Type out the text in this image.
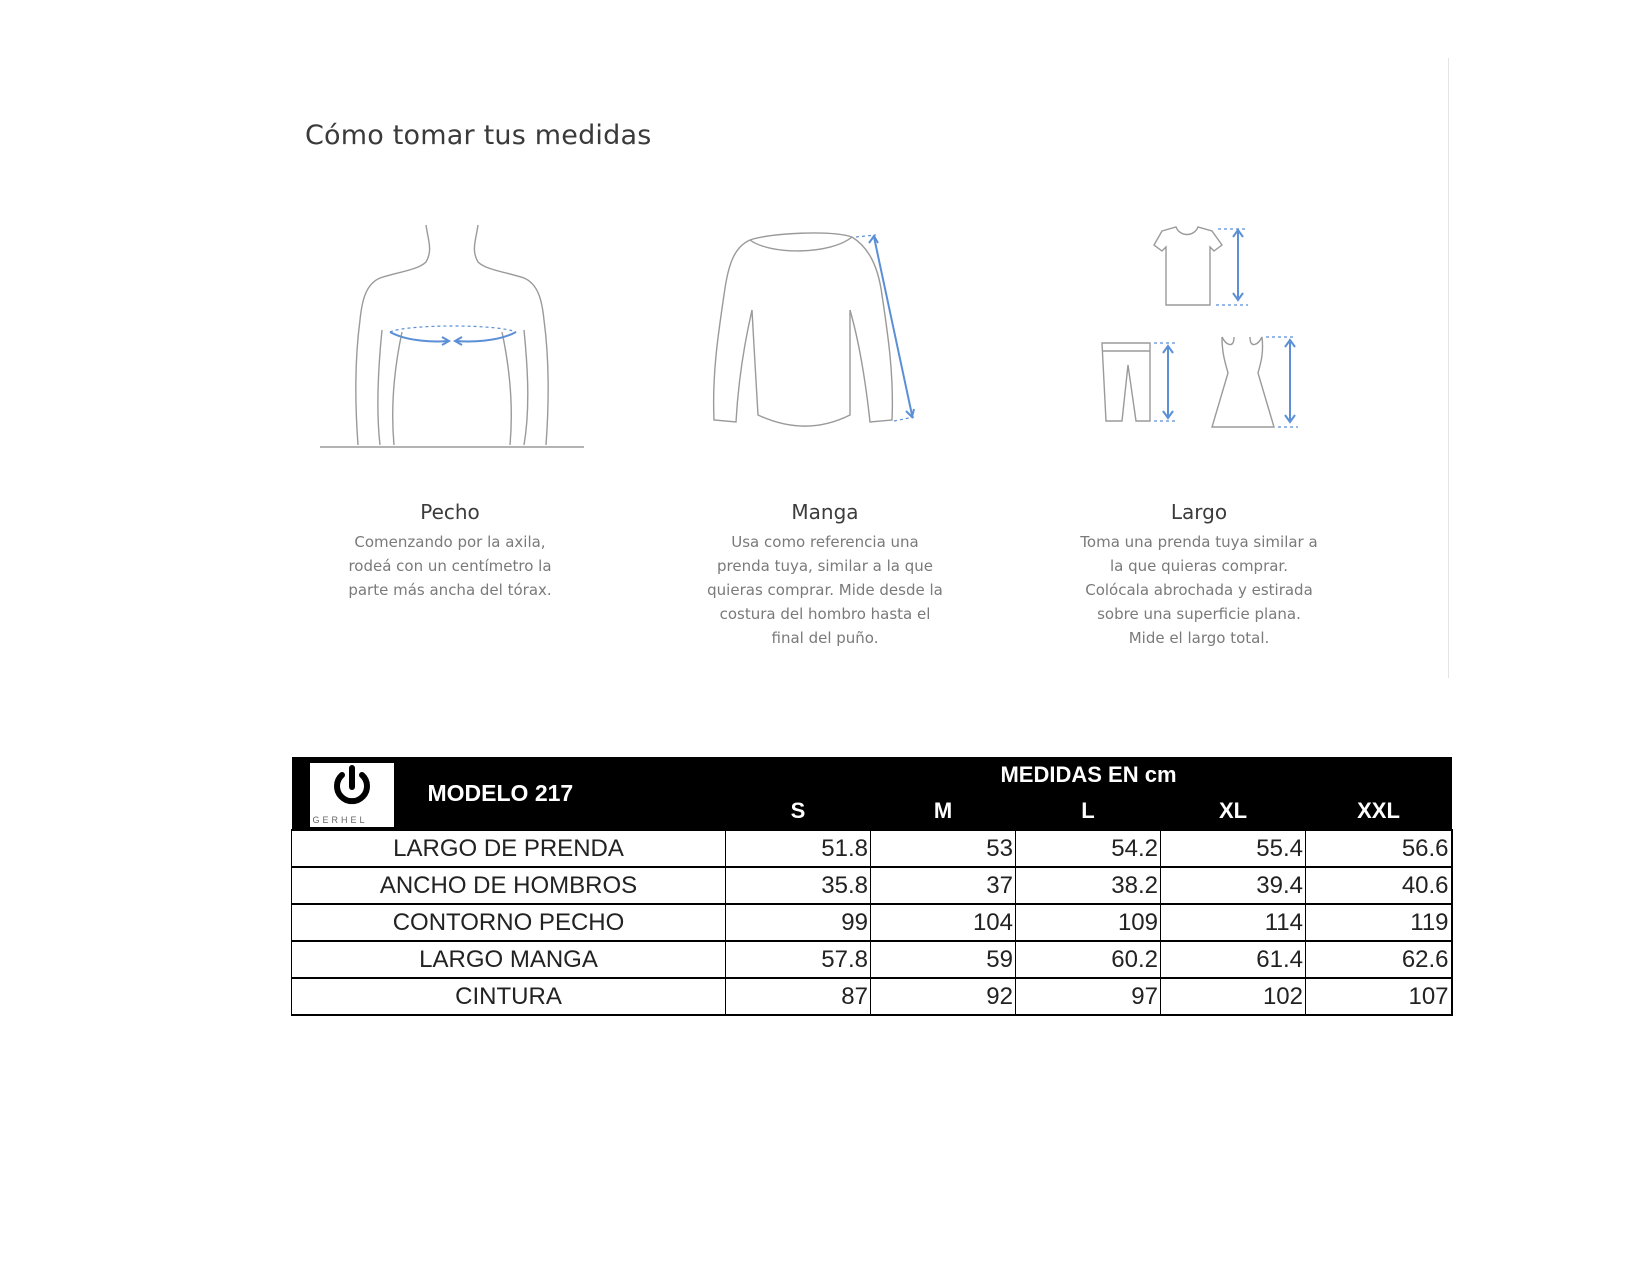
Cómo tomar tus medidas
Pecho
Comenzando por la axila,
rodeá con un centímetro la
parte más ancha del tórax.
Manga
Usa como referencia una
prenda tuya, similar a la que
quieras comprar. Mide desde la
costura del hombro hasta el
final del puño.
Largo
Toma una prenda tuya similar a
la que quieras comprar.
Colócala abrochada y estirada
sobre una superficie plana.
Mide el largo total.
GERHEL	MODELO 217	MEDIDAS EN cm				
		S	M	L	XL	XXL
LARGO DE PRENDA		51.8	53	54.2	55.4	56.6
ANCHO DE HOMBROS		35.8	37	38.2	39.4	40.6
CONTORNO PECHO		99	104	109	114	119
LARGO MANGA		57.8	59	60.2	61.4	62.6
CINTURA		87	92	97	102	107
